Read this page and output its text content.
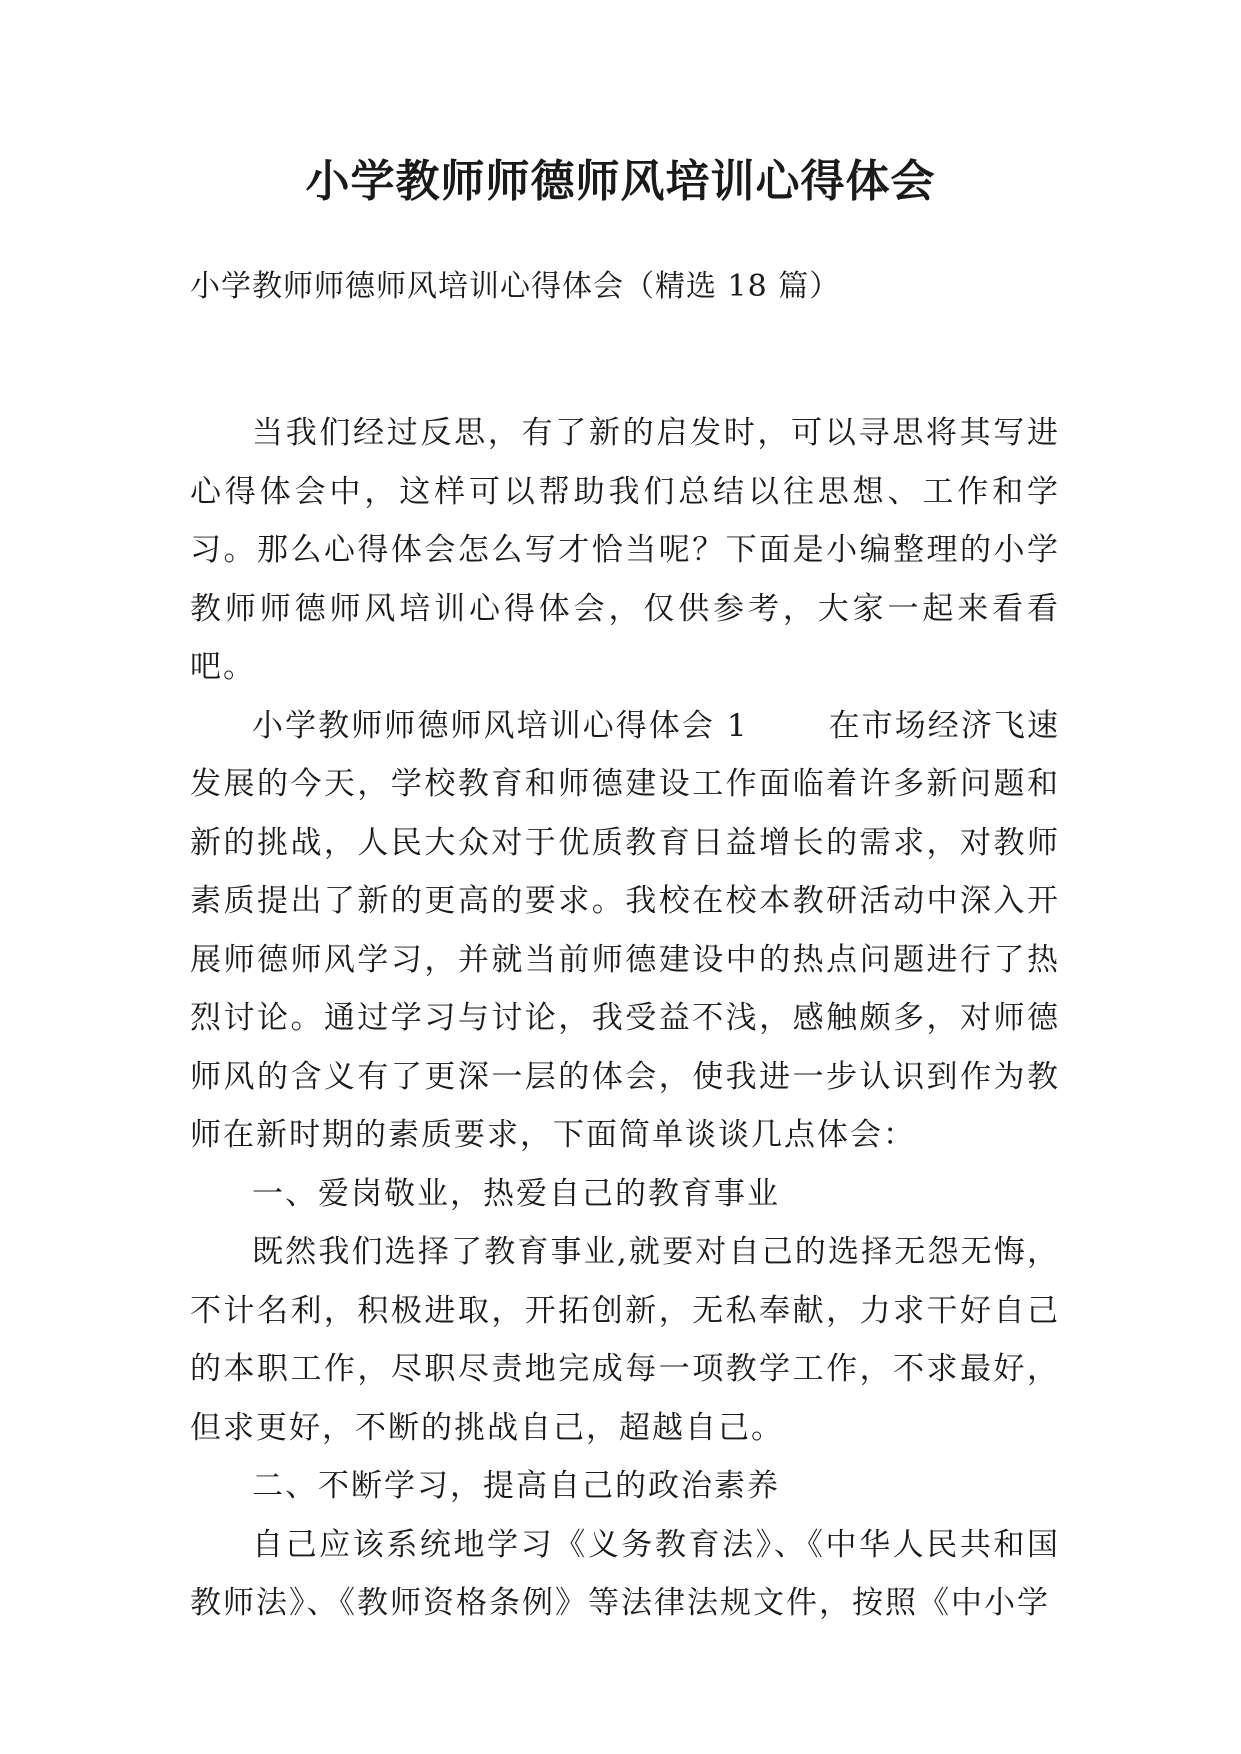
小学教师师德师风培训心得体会

小学教师师德师风培训心得体会（精选 18 篇）

当我们经过反思，有了新的启发时，可以寻思将其写进心得体会中，这样可以帮助我们总结以往思想、工作和学习。那么心得体会怎么写才恰当呢？下面是小编整理的小学教师师德师风培训心得体会，仅供参考，大家一起来看看吧。

小学教师师德师风培训心得体会 1	在市场经济飞速发展的今天，学校教育和师德建设工作面临着许多新问题和新的挑战，人民大众对于优质教育日益增长的需求，对教师素质提出了新的更高的要求。我校在校本教研活动中深入开展师德师风学习，并就当前师德建设中的热点问题进行了热烈讨论。通过学习与讨论，我受益不浅，感触颇多，对师德师风的含义有了更深一层的体会，使我进一步认识到作为教师在新时期的素质要求，下面简单谈谈几点体会：

一、爱岗敬业，热爱自己的教育事业

既然我们选择了教育事业,就要对自己的选择无怨无悔，不计名利，积极进取，开拓创新，无私奉献，力求干好自己的本职工作，尽职尽责地完成每一项教学工作，不求最好，但求更好，不断的挑战自己，超越自己。

二、不断学习，提高自己的政治素养

自己应该系统地学习《义务教育法》、《中华人民共和国教师法》、《教师资格条例》等法律法规文件，按照《中小学
